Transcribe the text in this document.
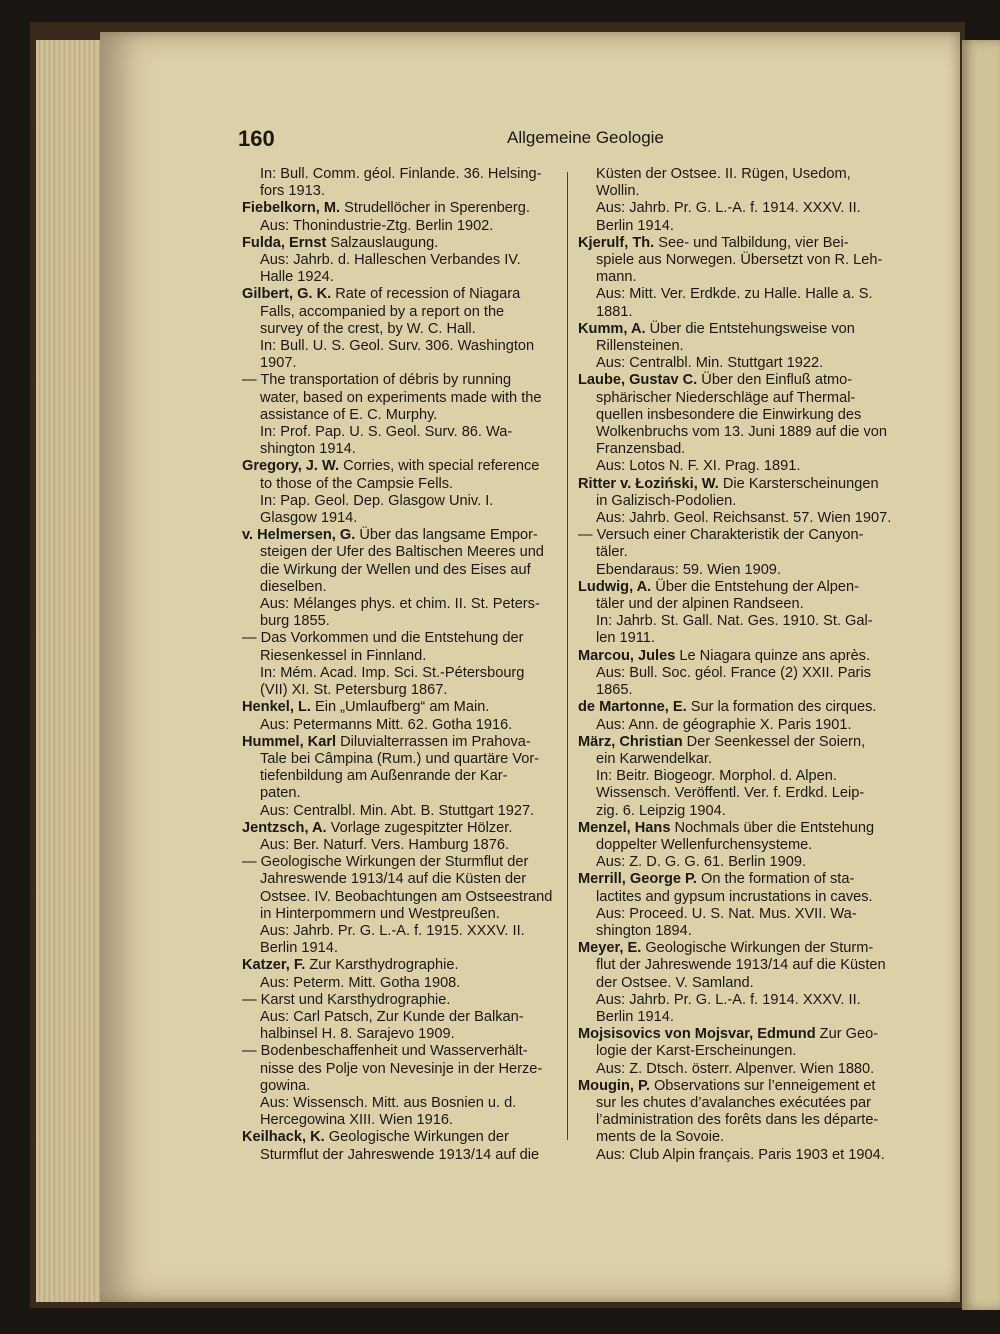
160	Allgemeine Geologie
In: Bull. Comm. géol. Finlande. 36. Helsing-
fors 1913.
Fiebelkorn, M. Strudellöcher in Sperenberg.
Aus: Thonindustrie-Ztg. Berlin 1902.
Fulda, Ernst Salzauslaugung.
Aus: Jahrb. d. Halleschen Verbandes IV.
Halle 1924.
Gilbert, G. K. Rate of recession of Niagara
Falls, accompanied by a report on the
survey of the crest, by W. C. Hall.
In: Bull. U. S. Geol. Surv. 306. Washington
1907.
— The transportation of débris by running
water, based on experiments made with the
assistance of E. C. Murphy.
In: Prof. Pap. U. S. Geol. Surv. 86. Wa-
shington 1914.
Gregory, J. W. Corries, with special reference
to those of the Campsie Fells.
In: Pap. Geol. Dep. Glasgow Univ. I.
Glasgow 1914.
v. Helmersen, G. Über das langsame Empor-
steigen der Ufer des Baltischen Meeres und
die Wirkung der Wellen und des Eises auf
dieselben.
Aus: Mélanges phys. et chim. II. St. Peters-
burg 1855.
— Das Vorkommen und die Entstehung der
Riesenkessel in Finnland.
In: Mém. Acad. Imp. Sci. St.-Pétersbourg
(VII) XI. St. Petersburg 1867.
Henkel, L. Ein „Umlaufberg“ am Main.
Aus: Petermanns Mitt. 62. Gotha 1916.
Hummel, Karl Diluvialterrassen im Prahova-
Tale bei Câmpina (Rum.) und quartäre Vor-
tiefenbildung am Außenrande der Kar-
paten.
Aus: Centralbl. Min. Abt. B. Stuttgart 1927.
Jentzsch, A. Vorlage zugespitzter Hölzer.
Aus: Ber. Naturf. Vers. Hamburg 1876.
— Geologische Wirkungen der Sturmflut der
Jahreswende 1913/14 auf die Küsten der
Ostsee. IV. Beobachtungen am Ostseestrand
in Hinterpommern und Westpreußen.
Aus: Jahrb. Pr. G. L.-A. f. 1915. XXXV. II.
Berlin 1914.
Katzer, F. Zur Karsthydrographie.
Aus: Peterm. Mitt. Gotha 1908.
— Karst und Karsthydrographie.
Aus: Carl Patsch, Zur Kunde der Balkan-
halbinsel H. 8. Sarajevo 1909.
— Bodenbeschaffenheit und Wasserverhält-
nisse des Polje von Nevesinje in der Herze-
gowina.
Aus: Wissensch. Mitt. aus Bosnien u. d.
Hercegowina XIII. Wien 1916.
Keilhack, K. Geologische Wirkungen der
Sturmflut der Jahreswende 1913/14 auf die
Küsten der Ostsee. II. Rügen, Usedom,
Wollin.
Aus: Jahrb. Pr. G. L.-A. f. 1914. XXXV. II.
Berlin 1914.
Kjerulf, Th. See- und Talbildung, vier Bei-
spiele aus Norwegen. Übersetzt von R. Leh-
mann.
Aus: Mitt. Ver. Erdkde. zu Halle. Halle a. S.
1881.
Kumm, A. Über die Entstehungsweise von
Rillensteinen.
Aus: Centralbl. Min. Stuttgart 1922.
Laube, Gustav C. Über den Einfluß atmo-
sphärischer Niederschläge auf Thermal-
quellen insbesondere die Einwirkung des
Wolkenbruchs vom 13. Juni 1889 auf die von
Franzensbad.
Aus: Lotos N. F. XI. Prag. 1891.
Ritter v. Łoziński, W. Die Karsterscheinungen
in Galizisch-Podolien.
Aus: Jahrb. Geol. Reichsanst. 57. Wien 1907.
— Versuch einer Charakteristik der Canyon-
täler.
Ebendaraus: 59. Wien 1909.
Ludwig, A. Über die Entstehung der Alpen-
täler und der alpinen Randseen.
In: Jahrb. St. Gall. Nat. Ges. 1910. St. Gal-
len 1911.
Marcou, Jules Le Niagara quinze ans après.
Aus: Bull. Soc. géol. France (2) XXII. Paris
1865.
de Martonne, E. Sur la formation des cirques.
Aus: Ann. de géographie X. Paris 1901.
März, Christian Der Seenkessel der Soiern,
ein Karwendelkar.
In: Beitr. Biogeogr. Morphol. d. Alpen.
Wissensch. Veröffentl. Ver. f. Erdkd. Leip-
zig. 6. Leipzig 1904.
Menzel, Hans Nochmals über die Entstehung
doppelter Wellenfurchensysteme.
Aus: Z. D. G. G. 61. Berlin 1909.
Merrill, George P. On the formation of sta-
lactites and gypsum incrustations in caves.
Aus: Proceed. U. S. Nat. Mus. XVII. Wa-
shington 1894.
Meyer, E. Geologische Wirkungen der Sturm-
flut der Jahreswende 1913/14 auf die Küsten
der Ostsee. V. Samland.
Aus: Jahrb. Pr. G. L.-A. f. 1914. XXXV. II.
Berlin 1914.
Mojsisovics von Mojsvar, Edmund Zur Geo-
logie der Karst-Erscheinungen.
Aus: Z. Dtsch. österr. Alpenver. Wien 1880.
Mougin, P. Observations sur l’enneigement et
sur les chutes d’avalanches exécutées par
l’administration des forêts dans les départe-
ments de la Sovoie.
Aus: Club Alpin français. Paris 1903 et 1904.
